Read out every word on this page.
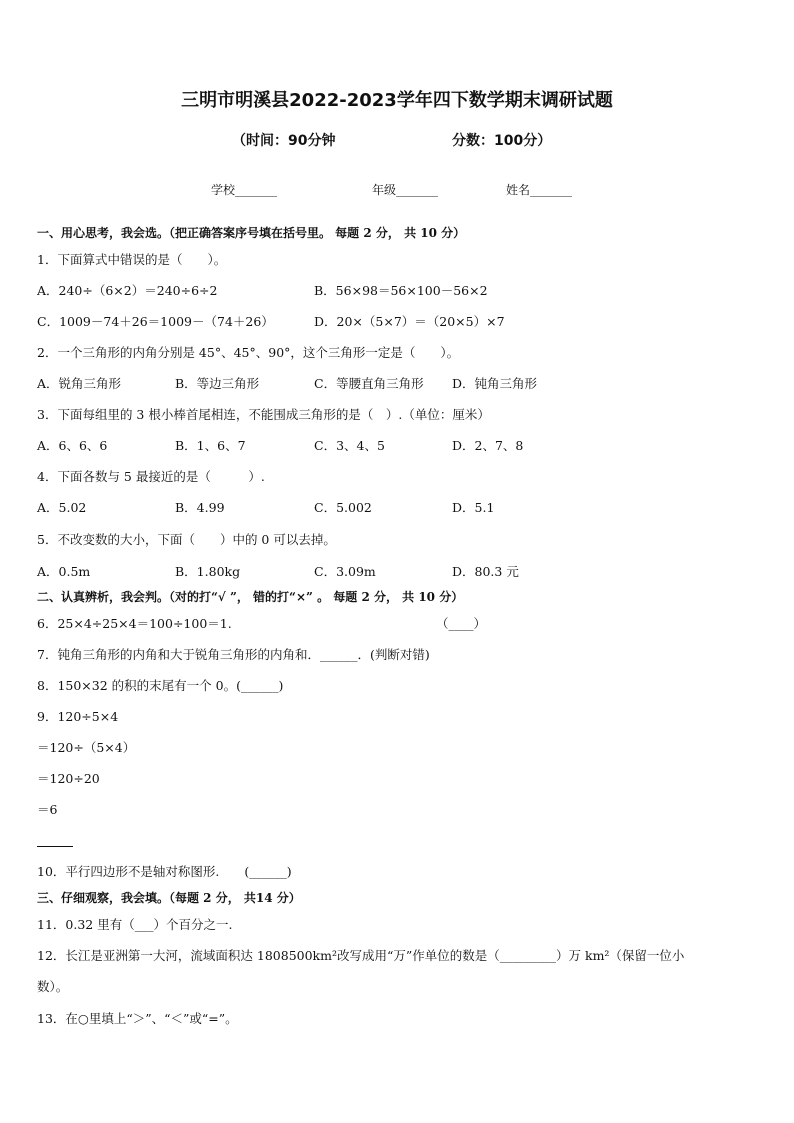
三明市明溪县2022-2023学年四下数学期末调研试题
（时间：90分钟	分数：100分）
学校_______	年级_______	姓名_______
一、用心思考，我会选。（把正确答案序号填在括号里。 每题 2 分， 共 10 分）
1．下面算式中错误的是（　　）。
A．240÷（6×2）＝240÷6÷2	B．56×98＝56×100－56×2
C．1009－74＋26＝1009－（74＋26）	D．20×（5×7）＝（20×5）×7
2．一个三角形的内角分别是 45°、45°、90°，这个三角形一定是（　　）。
A．锐角三角形	B．等边三角形	C．等腰直角三角形 D．钝角三角形
3．下面每组里的 3 根小棒首尾相连，不能围成三角形的是（　）.（单位：厘米）
A．6、6、6	B．1、6、7	C．3、4、5	D．2、7、8
4．下面各数与 5 最接近的是（　　　）.
A．5.02	B．4.99	C．5.002	D．5.1
5．不改变数的大小，下面（　　）中的 0 可以去掉。
A．0.5m	B．1.80kg	C．3.09m	D．80.3 元
二、认真辨析，我会判。（对的打“√ ”， 错的打“×” 。 每题 2 分， 共 10 分）
6．25×4÷25×4＝100÷100＝1.	（____）
7．钝角三角形的内角和大于锐角三角形的内角和．______．(判断对错)
8．150×32 的积的末尾有一个 0。(______)
9．120÷5×4
＝120÷（5×4）
＝120÷20
＝6
10．平行四边形不是轴对称图形.　　(______)
三、仔细观察，我会填。（每题 2 分， 共14 分）
11．0.32 里有（___）个百分之一.
12．长江是亚洲第一大河，流域面积达 1808500km²改写成用“万”作单位的数是（_________）万 km²（保留一位小
数）。
13．在○里填上“＞”、“＜”或“=”。
